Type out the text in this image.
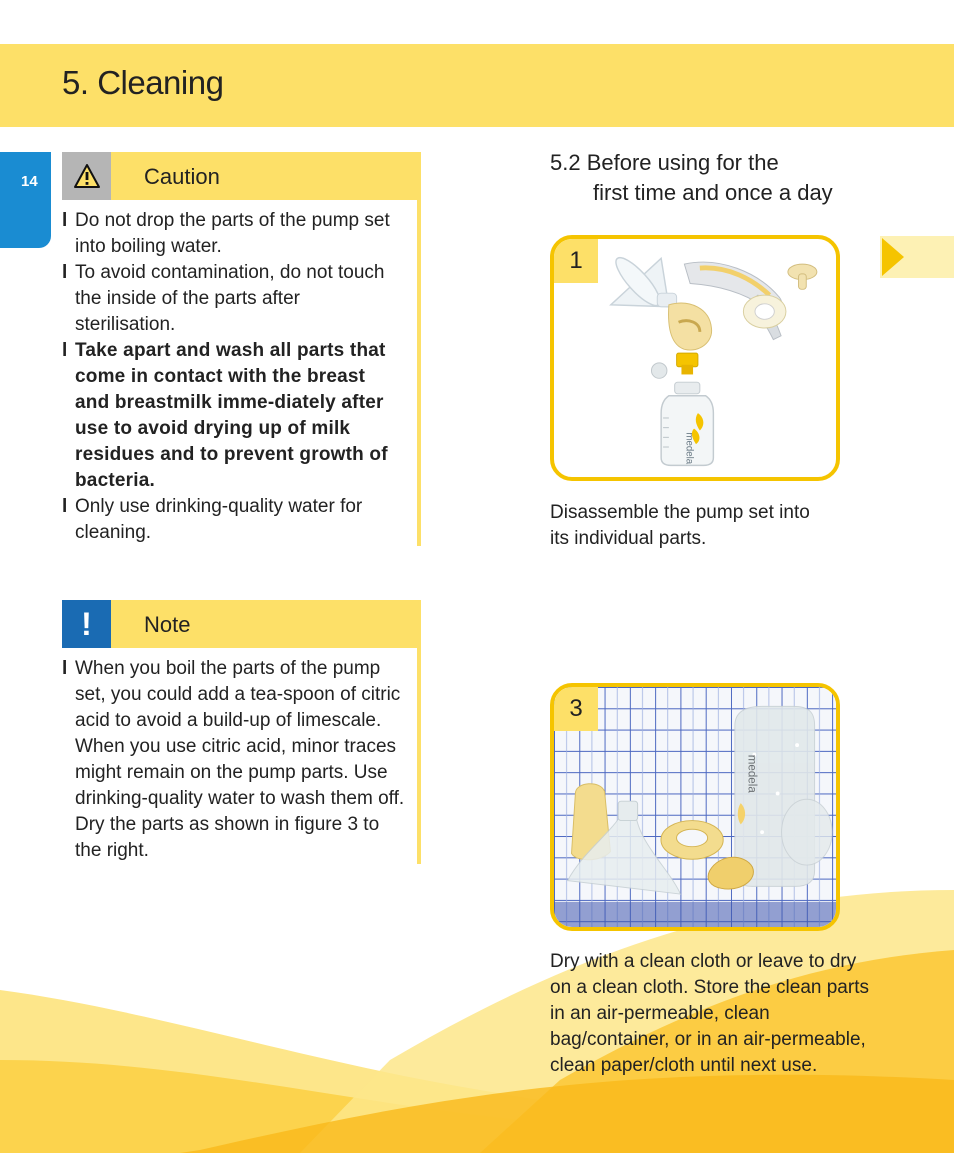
5. Cleaning
14	Caution
l Do not drop the parts of the pump set into boiling water.
l To avoid contamination, do not touch the inside of the parts after sterilisation.
l Take apart and wash all parts that come in contact with the breast and breastmilk imme-diately after use to avoid drying up of milk residues and to prevent growth of bacteria.
l Only use drinking-quality water for cleaning.
! Note
l When you boil the parts of the pump set, you could add a tea-spoon of citric acid to avoid a build-up of limescale. When you use citric acid, minor traces might remain on the pump parts. Use drinking-quality water to wash them off. Dry the parts as shown in figure 3 to the right.
5.2 Before using for the
first time and once a day
1
medela

Disassemble the pump set into its individual parts.

3
medela

Dry with a clean cloth or leave to dry on a clean cloth. Store the clean parts in an air-permeable, clean bag/container, or in an air-permeable, clean paper/cloth until next use.
